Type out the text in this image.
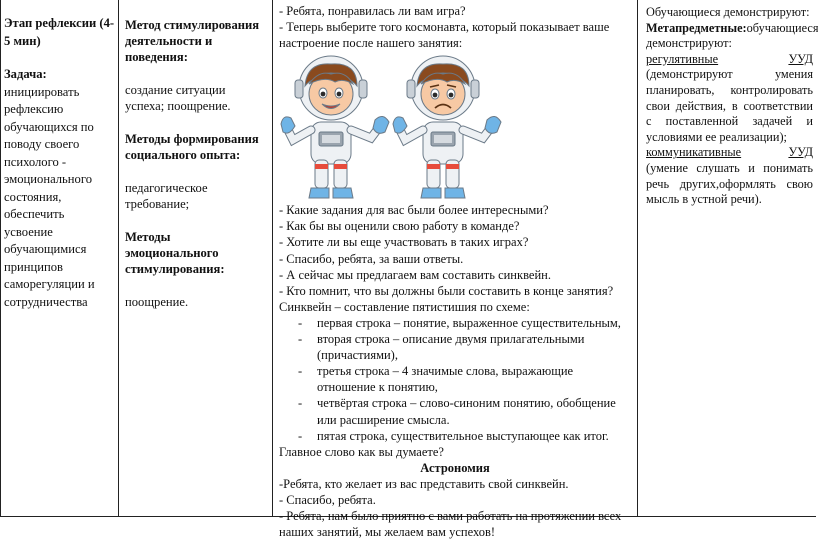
Этап рефлексии (4-5 мин)

Задача:

инициировать рефлексию обучающихся по поводу своего психолого - эмоционального состояния, обеспечить усвоение обучающимися принципов саморегуляции и сотрудничества

Метод стимулирования деятельности и поведения:

создание ситуации успеха; поощрение.

Методы формирования социального опыта:

педагогическое требование;

Методы эмоционального стимулирования:

поощрение.

- Ребята, понравилась ли вам игра?

- Теперь выберите того космонавта, который показывает ваше настроение после нашего занятия:

- Какие задания для вас были более интересными?

- Как бы вы оценили свою работу в команде?

- Хотите ли вы еще участвовать в таких играх?

- Спасибо, ребята, за ваши ответы.

- А сейчас мы предлагаем вам составить синквейн.

- Кто помнит, что вы должны были составить в конце занятия?

Синквейн – составление пятистишия по схеме:

- первая строка – понятие, выраженное существительным,
- вторая строка – описание двумя прилагательными (причастиями),
- третья строка – 4 значимые слова, выражающие отношение к понятию,
- четвёртая строка – слово-синоним понятию, обобщение или расширение смысла.
- пятая строка, существительное выступающее как итог.

Главное слово как вы думаете?

Астрономия

-Ребята, кто желает из вас представить свой синквейн.

- Спасибо, ребята.

- Ребята, нам было приятно с вами работать на протяжении всех наших занятий, мы желаем вам успехов!

Обучающиеся демонстрируют:

Метапредметные:обучающиеся демонстрируют:

регулятивные	УУД

(демонстрируют умения планировать, контролировать свои действия, в соответствии с поставленной задачей и условиями ее реализации);

коммуникативные	УУД

(умение слушать и понимать речь других,оформлять свою мысль в устной речи).
